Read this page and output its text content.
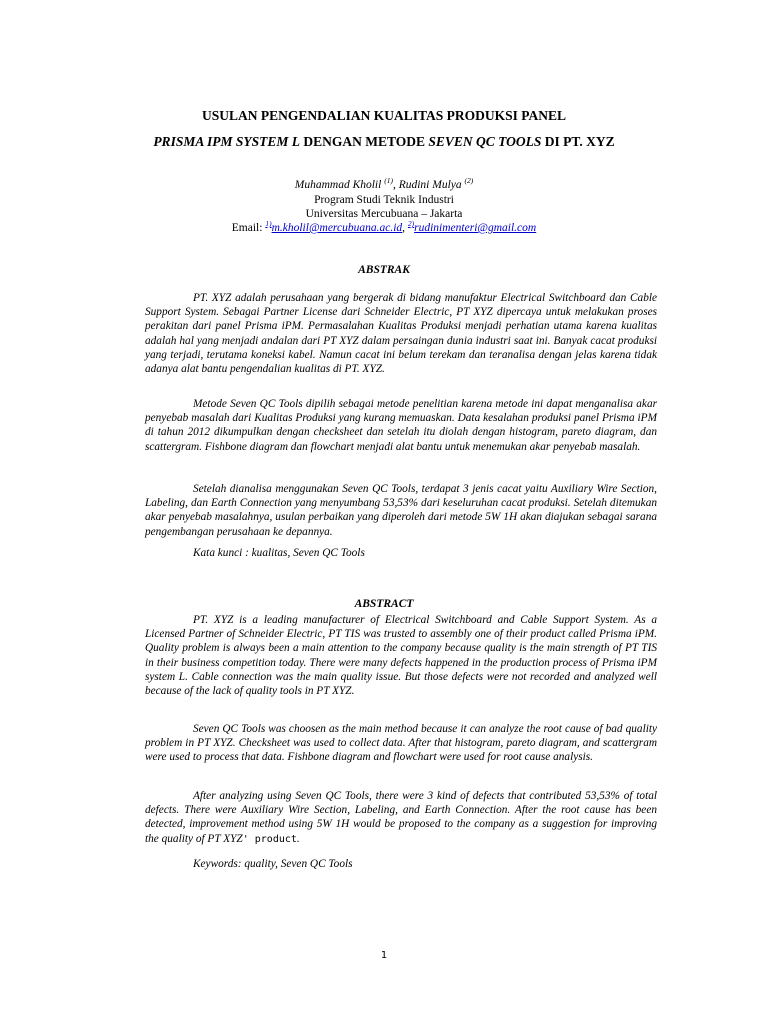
USULAN PENGENDALIAN KUALITAS PRODUKSI PANEL
PRISMA IPM SYSTEM L DENGAN METODE SEVEN QC TOOLS DI PT. XYZ
Muhammad Kholil $^{(1)}$, Rudini Mulya $^{(2)}$
Program Studi Teknik Industri
Universitas Mercubuana – Jakarta
Email: $^{1)}$m.kholil@mercubuana.ac.id, $^{2)}$rudinimenteri@gmail.com
ABSTRAK

PT. XYZ adalah perusahaan yang bergerak di bidang manufaktur Electrical Switchboard dan Cable Support System. Sebagai Partner License dari Schneider Electric, PT XYZ dipercaya untuk melakukan proses perakitan dari panel Prisma iPM. Permasalahan Kualitas Produksi menjadi perhatian utama karena kualitas adalah hal yang menjadi andalan dari PT XYZ dalam persaingan dunia industri saat ini. Banyak cacat produksi yang terjadi, terutama koneksi kabel. Namun cacat ini belum terekam dan teranalisa dengan jelas karena tidak adanya alat bantu pengendalian kualitas di PT. XYZ.

Metode Seven QC Tools dipilih sebagai metode penelitian karena metode ini dapat menganalisa akar penyebab masalah dari Kualitas Produksi yang kurang memuaskan. Data kesalahan produksi panel Prisma iPM di tahun 2012 dikumpulkan dengan checksheet dan setelah itu diolah dengan histogram, pareto diagram, dan scattergram. Fishbone diagram dan flowchart menjadi alat bantu untuk menemukan akar penyebab masalah.

Setelah dianalisa menggunakan Seven QC Tools, terdapat 3 jenis cacat yaitu Auxiliary Wire Section, Labeling, dan Earth Connection yang menyumbang 53,53% dari keseluruhan cacat produksi. Setelah ditemukan akar penyebab masalahnya, usulan perbaikan yang diperoleh dari metode 5W 1H akan diajukan sebagai sarana pengembangan perusahaan ke depannya.

Kata kunci : kualitas, Seven QC Tools
ABSTRACT

PT. XYZ is a leading manufacturer of Electrical Switchboard and Cable Support System. As a Licensed Partner of Schneider Electric, PT TIS was trusted to assembly one of their product called Prisma iPM. Quality problem is always been a main attention to the company because quality is the main strength of PT TIS in their business competition today. There were many defects happened in the production process of Prisma iPM system L. Cable connection was the main quality issue. But those defects were not recorded and analyzed well because of the lack of quality tools in PT XYZ.

Seven QC Tools was choosen as the main method because it can analyze the root cause of bad quality problem in PT XYZ. Checksheet was used to collect data. After that histogram, pareto diagram, and scattergram were used to process that data. Fishbone diagram and flowchart were used for root cause analysis.

After analyzing using Seven QC Tools, there were 3 kind of defects that contributed 53,53% of total defects. There were Auxiliary Wire Section, Labeling, and Earth Connection. After the root cause has been detected, improvement method using 5W 1H would be proposed to the company as a suggestion for improving the quality of PT XYZ' product.

Keywords: quality, Seven QC Tools
1
